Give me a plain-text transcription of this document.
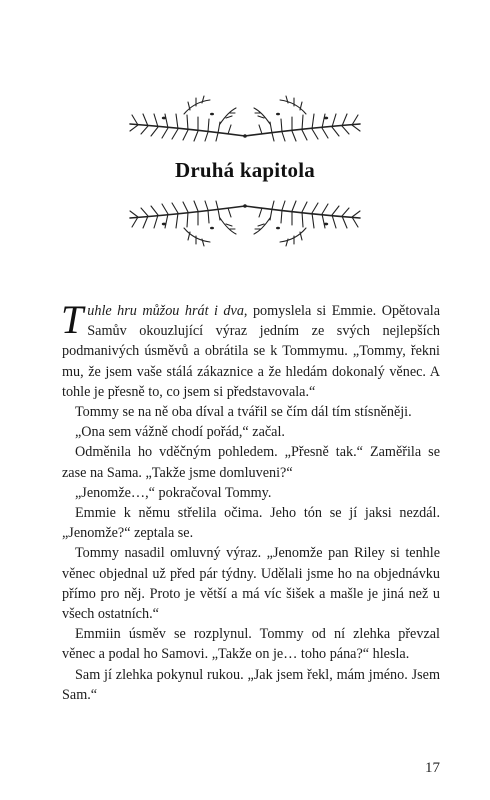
Druhá kapitola

Tuhle hru můžou hrát i dva, pomyslela si Emmie. Opětovala Samův okouzlující výraz jedním ze svých nejlepších podmanivých úsměvů a obrátila se k Tommymu. „Tommy, řekni mu, že jsem vaše stálá zákaznice a že hledám dokonalý věnec. A tohle je přesně to, co jsem si představovala.“

Tommy se na ně oba díval a tvářil se čím dál tím stísněněji.

„Ona sem vážně chodí pořád,“ začal.

Odměnila ho vděčným pohledem. „Přesně tak.“ Zaměřila se zase na Sama. „Takže jsme domluveni?“

„Jenomže…,“ pokračoval Tommy.

Emmie k němu střelila očima. Jeho tón se jí jaksi nezdál. „Jenomže?“ zeptala se.

Tommy nasadil omluvný výraz. „Jenomže pan Riley si tenhle věnec objednal už před pár týdny. Udělali jsme ho na objednávku přímo pro něj. Proto je větší a má víc šišek a mašle je jiná než u všech ostatních.“

Emmiin úsměv se rozplynul. Tommy od ní zlehka převzal věnec a podal ho Samovi. „Takže on je… toho pána?“ hlesla.

Sam jí zlehka pokynul rukou. „Jak jsem řekl, mám jméno. Jsem Sam.“

17
